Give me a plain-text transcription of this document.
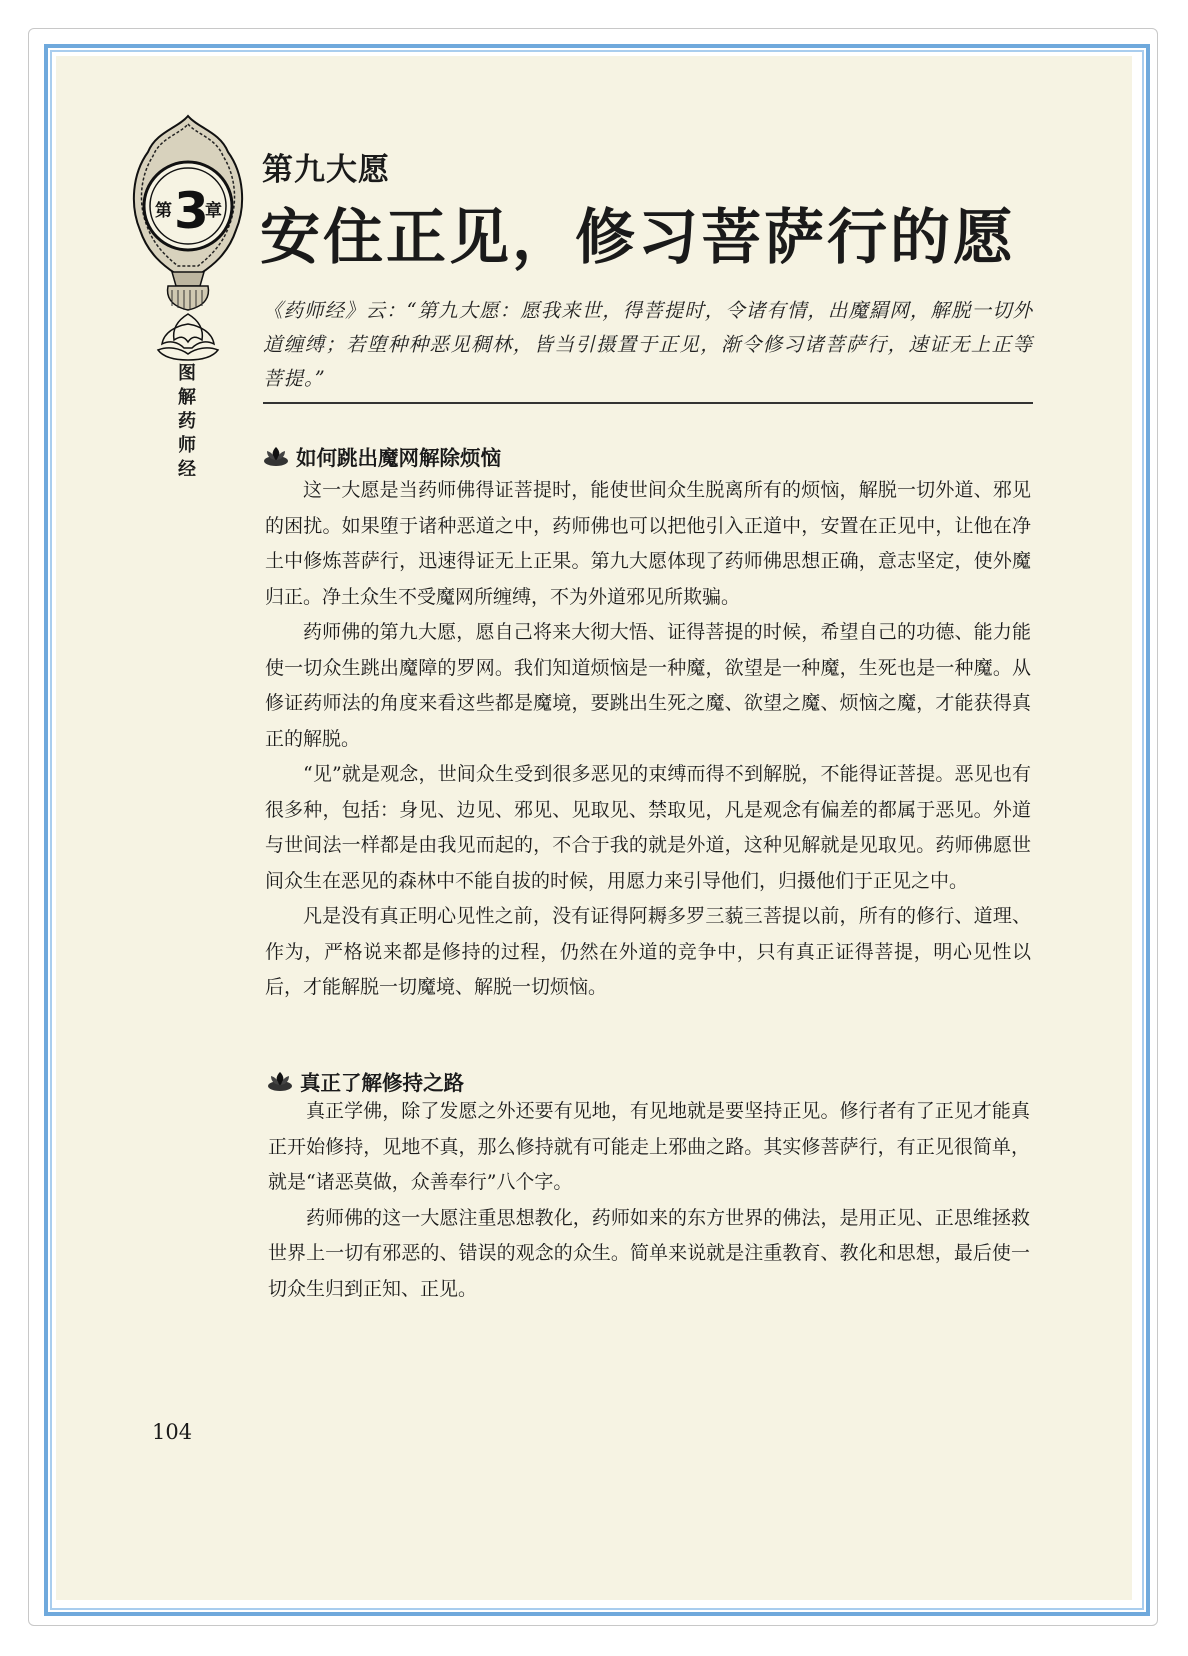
第 3
章
图
解
药
师
经
第九大愿
安住正见，修习菩萨行的愿
《药师经》云：“第九大愿：愿我来世，得菩提时，令诸有情，出魔羂网，解脱一切外道缠缚；若堕种种恶见稠林，皆当引摄置于正见，渐令修习诸菩萨行，速证无上正等菩提。”
如何跳出魔网解除烦恼

这一大愿是当药师佛得证菩提时，能使世间众生脱离所有的烦恼，解脱一切外道、邪见的困扰。如果堕于诸种恶道之中，药师佛也可以把他引入正道中，安置在正见中，让他在净土中修炼菩萨行，迅速得证无上正果。第九大愿体现了药师佛思想正确，意志坚定，使外魔归正。净土众生不受魔网所缠缚，不为外道邪见所欺骗。

药师佛的第九大愿，愿自己将来大彻大悟、证得菩提的时候，希望自己的功德、能力能使一切众生跳出魔障的罗网。我们知道烦恼是一种魔，欲望是一种魔，生死也是一种魔。从修证药师法的角度来看这些都是魔境，要跳出生死之魔、欲望之魔、烦恼之魔，才能获得真正的解脱。

“见”就是观念，世间众生受到很多恶见的束缚而得不到解脱，不能得证菩提。恶见也有很多种，包括：身见、边见、邪见、见取见、禁取见，凡是观念有偏差的都属于恶见。外道与世间法一样都是由我见而起的，不合于我的就是外道，这种见解就是见取见。药师佛愿世间众生在恶见的森林中不能自拔的时候，用愿力来引导他们，归摄他们于正见之中。

凡是没有真正明心见性之前，没有证得阿耨多罗三藐三菩提以前，所有的修行、道理、作为，严格说来都是修持的过程，仍然在外道的竞争中，只有真正证得菩提，明心见性以后，才能解脱一切魔境、解脱一切烦恼。

真正了解修持之路

真正学佛，除了发愿之外还要有见地，有见地就是要坚持正见。修行者有了正见才能真正开始修持，见地不真，那么修持就有可能走上邪曲之路。其实修菩萨行，有正见很简单，就是“诸恶莫做，众善奉行”八个字。

药师佛的这一大愿注重思想教化，药师如来的东方世界的佛法，是用正见、正思维拯救世界上一切有邪恶的、错误的观念的众生。简单来说就是注重教育、教化和思想，最后使一切众生归到正知、正见。

104
